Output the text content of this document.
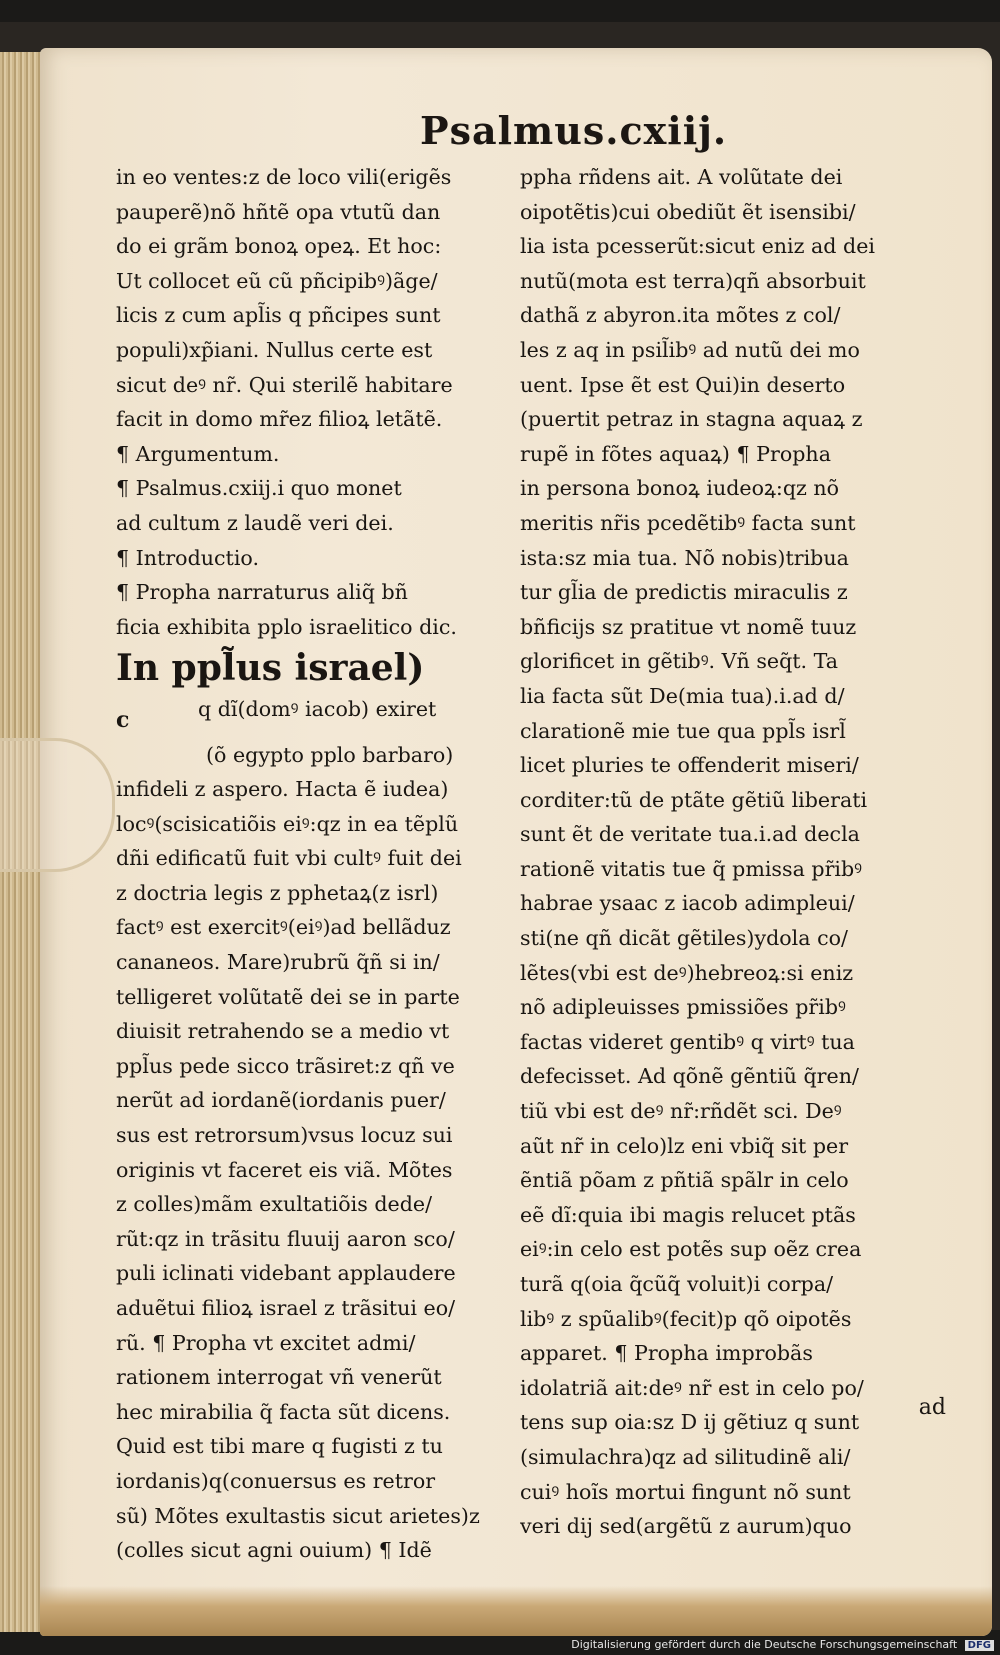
Psalmus.cxiij.
in eo ventes:z de loco vili(erigẽs
pauperẽ)nõ hñtẽ opa vtutũ dan
do ei grãm bonoꝝ opeꝝ. Et hoc:
Ut collocet eũ cũ pñcipibꝰ)ãge/
licis z cum apl̃is q pñcipes sunt
populi)xp̃iani. Nullus certe est
sicut deꝰ nr̃. Qui sterilẽ habitare
facit in domo mr̃ez filioꝝ letãtẽ.
¶ Argumentum.
¶ Psalmus.cxiij.i quo monet
ad cultum z laudẽ veri dei.
¶ Introductio.
¶ Propha narraturus aliq̃ bñ
ficia exhibita pplo israelitico dic.
In ppl̃us israel)
c	q dĩ(domꝰ iacob) exiret
(õ egypto pplo barbaro)
infideli z aspero. Hacta ẽ iudea)
locꝰ(scisicatiõis eiꝰ:qz in ea tẽplũ
dñi edificatũ fuit vbi cultꝰ fuit dei
z doctria legis z pphetaꝝ(z isrl)
factꝰ est exercitꝰ(eiꝰ)ad bellãduz
cananeos. Mare)rubrũ q̃ñ si in/
telligeret volũtatẽ dei se in parte
diuisit retrahendo se a medio vt
ppl̃us pede sicco trãsiret:z qñ ve
nerũt ad iordanẽ(iordanis puer/
sus est retrorsum)vsus locuz sui
originis vt faceret eis viã. Mõtes
z colles)mãm exultatiõis dede/
rũt:qz in trãsitu fluuij aaron sco/
puli iclinati videbant applaudere
aduẽtui filioꝝ israel z trãsitui eo/
rũ. ¶ Propha vt excitet admi/
rationem interrogat vñ venerũt
hec mirabilia q̃ facta sũt dicens.
Quid est tibi mare q fugisti z tu
iordanis)q(conuersus es retror
sũ) Mõtes exultastis sicut arietes)z
(colles sicut agni ouium) ¶ Idẽ
ppha rñdens ait. A volũtate dei
oipotẽtis)cui obediũt ẽt isensibi/
lia ista pcesserũt:sicut eniz ad dei
nutũ(mota est terra)qñ absorbuit
dathã z abyron.ita mõtes z col/
les z aq in psil̃ibꝰ ad nutũ dei mo
uent. Ipse ẽt est Qui)in deserto
(puertit petraz in stagna aquaꝝ z
rupẽ in fõtes aquaꝝ) ¶ Propha
in persona bonoꝝ iudeoꝝ:qz nõ
meritis nr̃is pcedẽtibꝰ facta sunt
ista:sz mia tua. Nõ nobis)tribua
tur gl̃ia de predictis miraculis z
bñficijs sz pratitue vt nomẽ tuuz
glorificet in gẽtibꝰ. Vñ seq̃t. Ta
lia facta sũt De(mia tua).i.ad d/
clarationẽ mie tue qua ppl̃s isrl̃
licet pluries te offenderit miseri/
corditer:tũ de ptãte gẽtiũ liberati
sunt ẽt de veritate tua.i.ad decla
rationẽ vitatis tue q̃ pmissa pr̃ibꝰ
habrae ysaac z iacob adimpleui/
sti(ne qñ dicãt gẽtiles)ydola co/
lẽtes(vbi est deꝰ)hebreoꝝ:si eniz
nõ adipleuisses pmissiões pr̃ibꝰ
factas videret gentibꝰ q virtꝰ tua
defecisset. Ad qõnẽ gẽntiũ q̃ren/
tiũ vbi est deꝰ nr̃:rñdẽt sci. Deꝰ
aũt nr̃ in celo)lz eni vbiq̃ sit per
ẽntiã põam z pñtiã spãlr in celo
eẽ dĩ:quia ibi magis relucet ptãs
eiꝰ:in celo est potẽs sup oẽz crea
turã q(oia q̃cũq̃ voluit)i corpa/
libꝰ z spũalibꝰ(fecit)p qõ oipotẽs
apparet. ¶ Propha improbãs
idolatriã ait:deꝰ nr̃ est in celo po/
tens sup oia:sz D ij gẽtiuz q sunt
(simulachra)qz ad silitudinẽ ali/
cuiꝰ hoĩs mortui fingunt nõ sunt
veri dij sed(argẽtũ z aurum)quo
ad
Digitalisierung gefördert durch die Deutsche Forschungsgemeinschaft DFG
